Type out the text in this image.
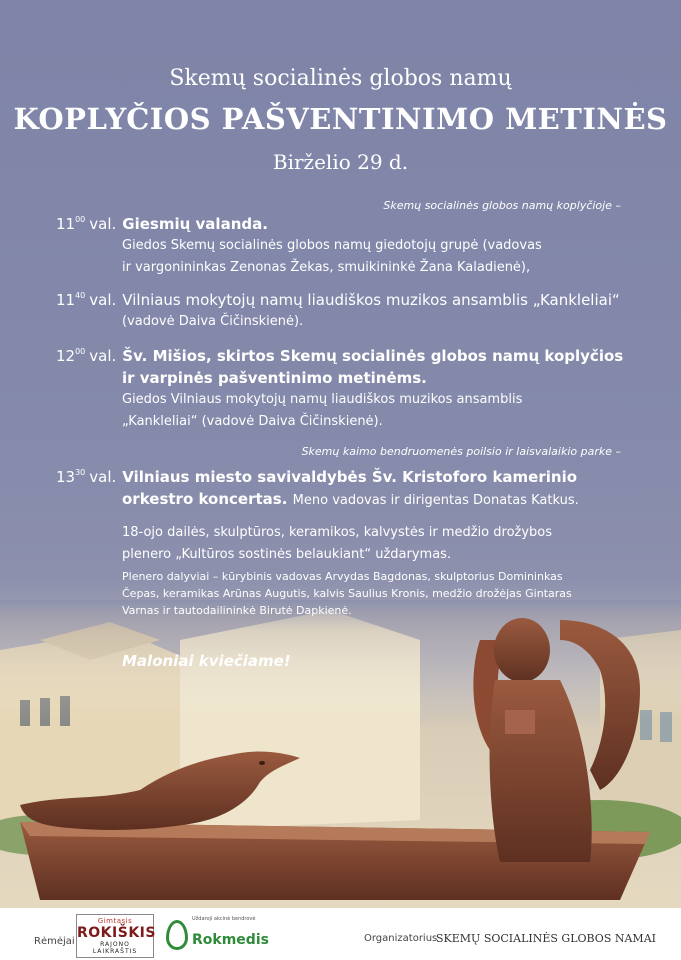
Skemų socialinės globos namų
KOPLYČIOS PAŠVENTINIMO METINĖS
Birželio 29 d.
Skemų socialinės globos namų koplyčioje –
$11^{00}$ val. Giesmių valanda.
Giedos Skemų socialinės globos namų giedotojų grupė (vadovas
ir vargonininkas Zenonas Žekas, smuikininkė Žana Kaladienė),
$11^{40}$ val. Vilniaus mokytojų namų liaudiškos muzikos ansamblis „Kankleliai“
(vadovė Daiva Čičinskienė).
$12^{00}$ val. Šv. Mišios, skirtos Skemų socialinės globos namų koplyčios
ir varpinės pašventinimo metinėms.
Giedos Vilniaus mokytojų namų liaudiškos muzikos ansamblis
„Kankleliai“ (vadovė Daiva Čičinskienė).
Skemų kaimo bendruomenės poilsio ir laisvalaikio parke –
$13^{30}$ val. Vilniaus miesto savivaldybės Šv. Kristoforo kamerinio
orkestro koncertas. Meno vadovas ir dirigentas Donatas Katkus.
18-ojo dailės, skulptūros, keramikos, kalvystės ir medžio drožybos
plenero „Kultūros sostinės belaukiant“ uždarymas.
Plenero dalyviai – kūrybinis vadovas Arvydas Bagdonas, skulptorius Domininkas
Čepas, keramikas Arūnas Augutis, kalvis Saulius Kronis, medžio drožėjas Gintaras
Varnas ir tautodailininkė Birutė Dapkienė.
Maloniai kviečiame!
Rėmėjai
Gimtasis
ROKIŠKIS
RAJONO LAIKRAŠTIS
Uždaroji akcinė bendrovė
Rokmedis	Organizatorius
SKEMŲ SOCIALINĖS GLOBOS NAMAI
